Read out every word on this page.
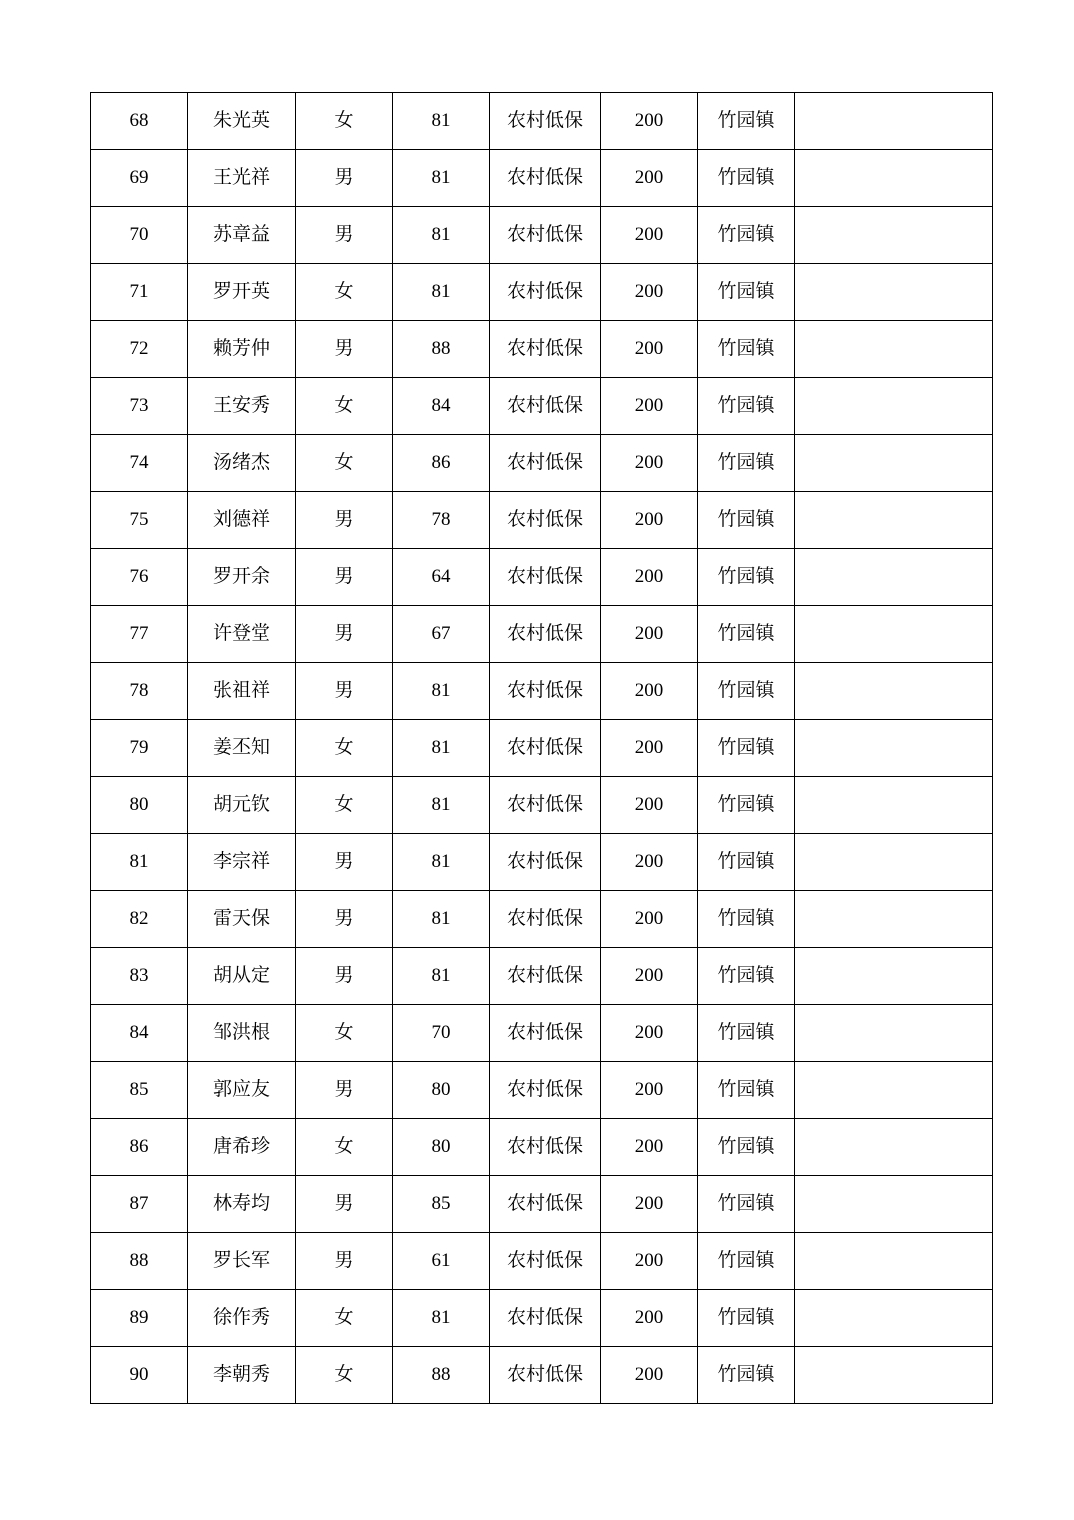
68	朱光英	女	81	农村低保	200	竹园镇	
69	王光祥	男	81	农村低保	200	竹园镇	
70	苏章益	男	81	农村低保	200	竹园镇	
71	罗开英	女	81	农村低保	200	竹园镇	
72	赖芳仲	男	88	农村低保	200	竹园镇	
73	王安秀	女	84	农村低保	200	竹园镇	
74	汤绪杰	女	86	农村低保	200	竹园镇	
75	刘德祥	男	78	农村低保	200	竹园镇	
76	罗开余	男	64	农村低保	200	竹园镇	
77	许登堂	男	67	农村低保	200	竹园镇	
78	张祖祥	男	81	农村低保	200	竹园镇	
79	姜丕知	女	81	农村低保	200	竹园镇	
80	胡元钦	女	81	农村低保	200	竹园镇	
81	李宗祥	男	81	农村低保	200	竹园镇	
82	雷天保	男	81	农村低保	200	竹园镇	
83	胡从定	男	81	农村低保	200	竹园镇	
84	邹洪根	女	70	农村低保	200	竹园镇	
85	郭应友	男	80	农村低保	200	竹园镇	
86	唐希珍	女	80	农村低保	200	竹园镇	
87	林寿均	男	85	农村低保	200	竹园镇	
88	罗长军	男	61	农村低保	200	竹园镇	
89	徐作秀	女	81	农村低保	200	竹园镇	
90	李朝秀	女	88	农村低保	200	竹园镇	
